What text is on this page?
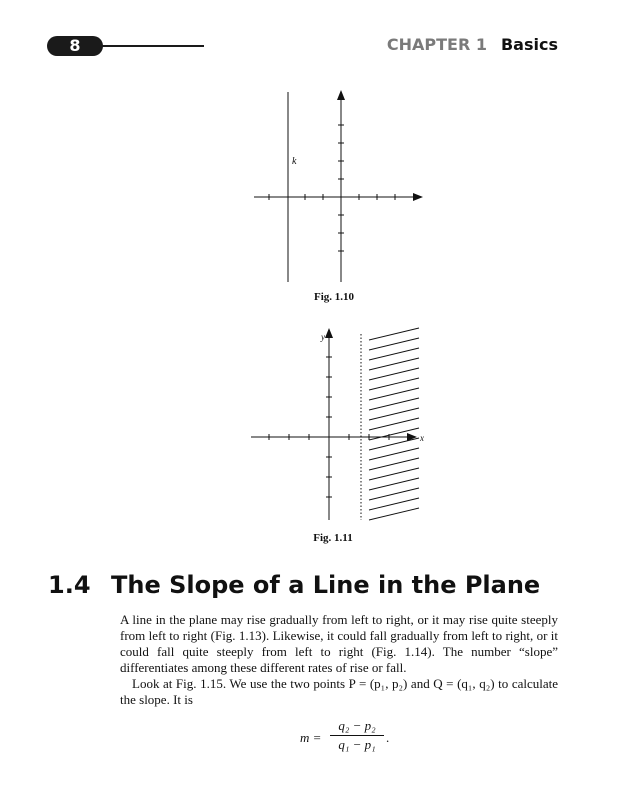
8	CHAPTER 1 Basics
k
Fig. 1.10
y
x
Fig. 1.11
1.4 The Slope of a Line in the Plane

A line in the plane may rise gradually from left to right, or it may rise quite steeply from left to right (Fig. 1.13). Likewise, it could fall gradually from left to right, or it could fall quite steeply from left to right (Fig. 1.14). The number “slope” differentiates among these different rates of rise or fall.

Look at Fig. 1.15. We use the two points P = (p₁, p₂) and Q = (q₁, q₂) to calculate the slope. It is

m =
q₂ − p₂
q₁ − p₁ .
